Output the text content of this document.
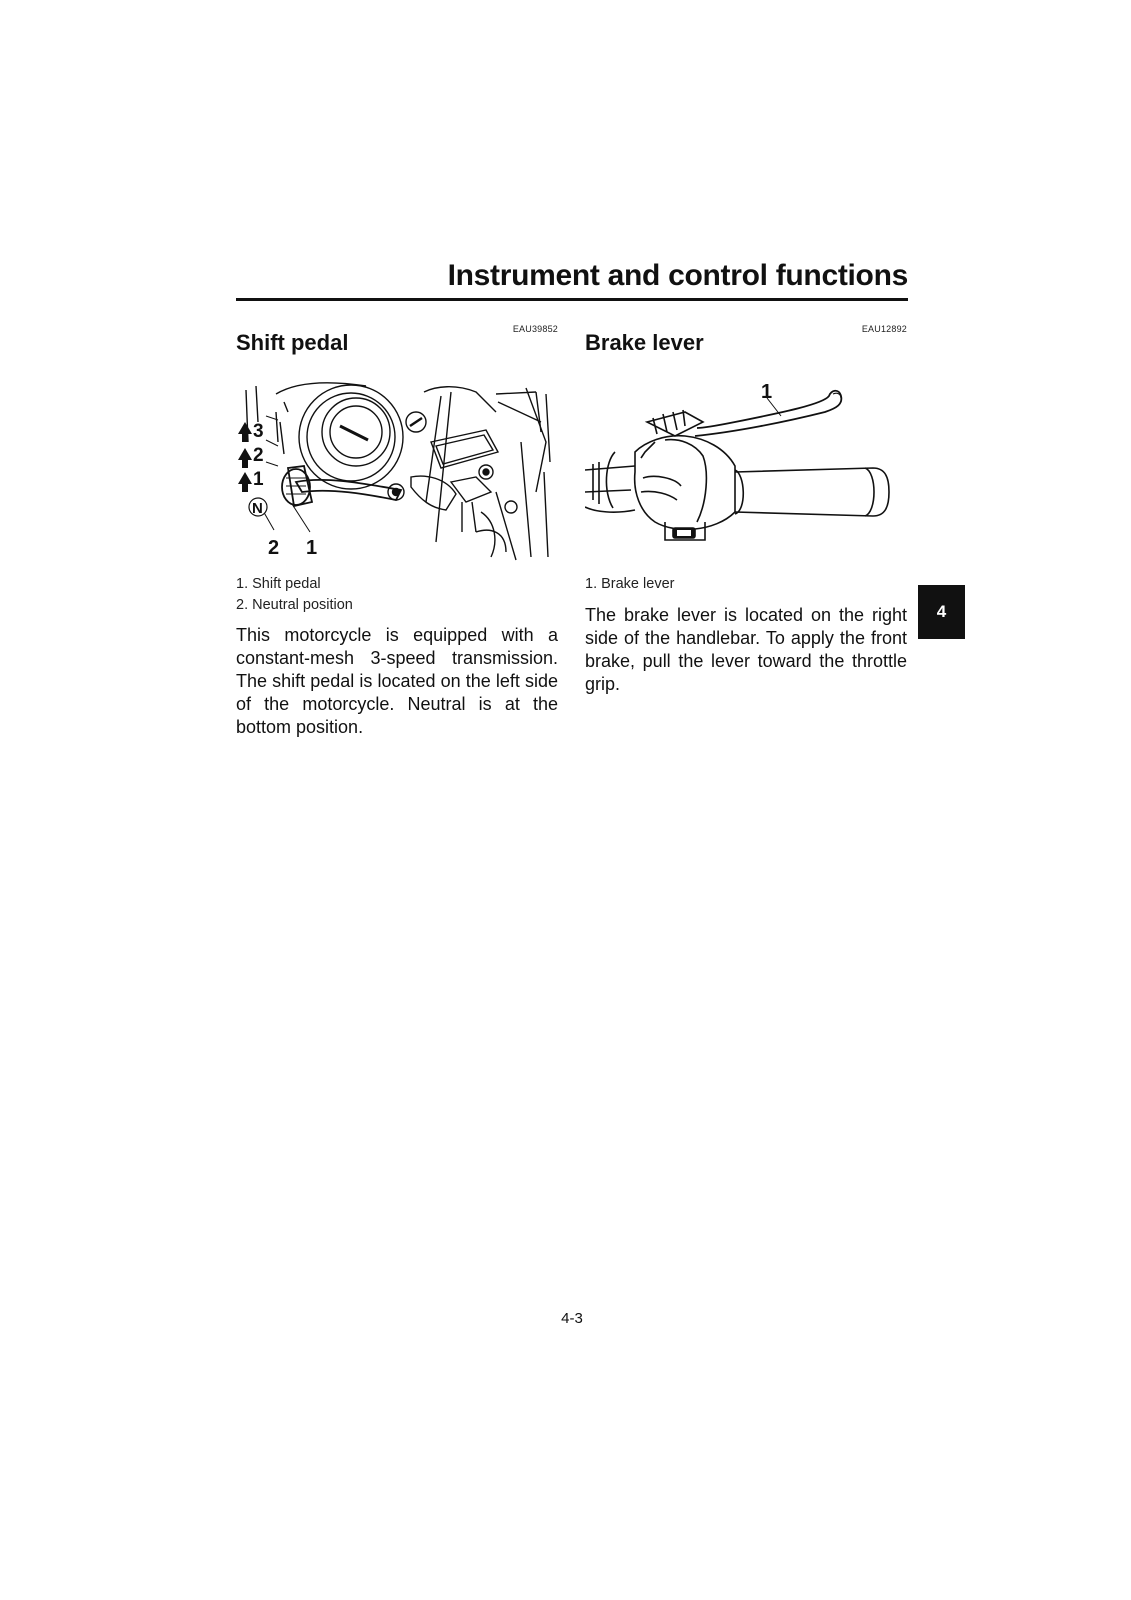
Instrument and control functions
EAU39852
Shift pedal
3
2
1
N
2 1
1. Shift pedal
2. Neutral position

This motorcycle is equipped with a constant-mesh 3-speed transmission. The shift pedal is located on the left side of the motorcycle. Neutral is at the bottom position.

EAU12892
Brake lever
1
1. Brake lever

The brake lever is located on the right side of the handlebar. To apply the front brake, pull the lever toward the throttle grip.

4
4-3
